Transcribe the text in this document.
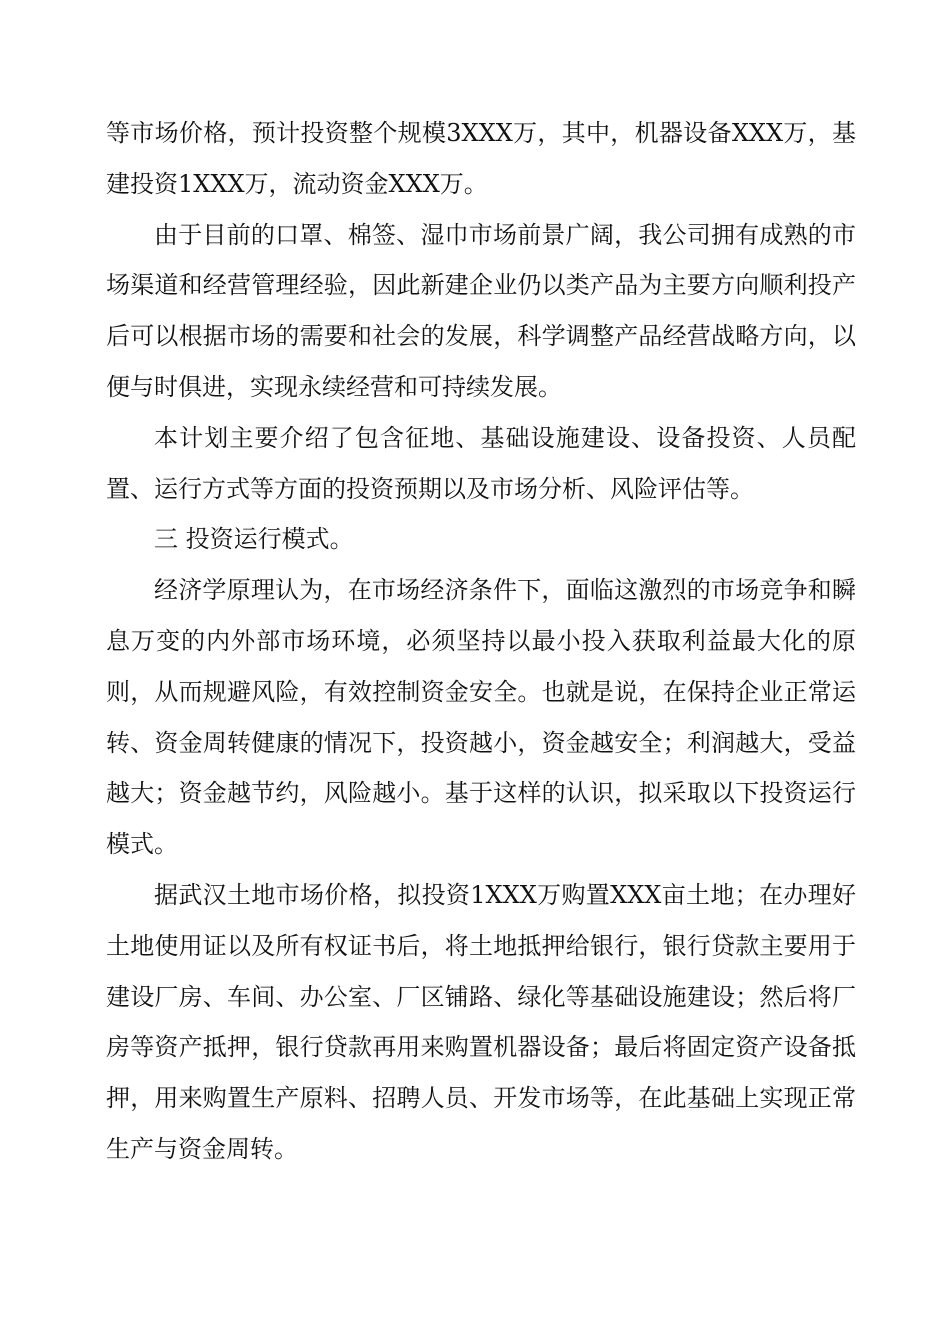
等市场价格，预计投资整个规模3XXX万，其中，机器设备XXX万，基建投资1XXX万，流动资金XXX万。

由于目前的口罩、棉签、湿巾市场前景广阔，我公司拥有成熟的市场渠道和经营管理经验，因此新建企业仍以类产品为主要方向顺利投产后可以根据市场的需要和社会的发展，科学调整产品经营战略方向，以便与时俱进，实现永续经营和可持续发展。

本计划主要介绍了包含征地、基础设施建设、设备投资、人员配置、运行方式等方面的投资预期以及市场分析、风险评估等。

三 投资运行模式。

经济学原理认为，在市场经济条件下，面临这激烈的市场竞争和瞬息万变的内外部市场环境，必须坚持以最小投入获取利益最大化的原则，从而规避风险，有效控制资金安全。也就是说，在保持企业正常运转、资金周转健康的情况下，投资越小，资金越安全；利润越大，受益越大；资金越节约，风险越小。基于这样的认识，拟采取以下投资运行模式。

据武汉土地市场价格，拟投资1XXX万购置XXX亩土地；在办理好土地使用证以及所有权证书后，将土地抵押给银行，银行贷款主要用于建设厂房、车间、办公室、厂区铺路、绿化等基础设施建设；然后将厂房等资产抵押，银行贷款再用来购置机器设备；最后将固定资产设备抵押，用来购置生产原料、招聘人员、开发市场等，在此基础上实现正常生产与资金周转。
